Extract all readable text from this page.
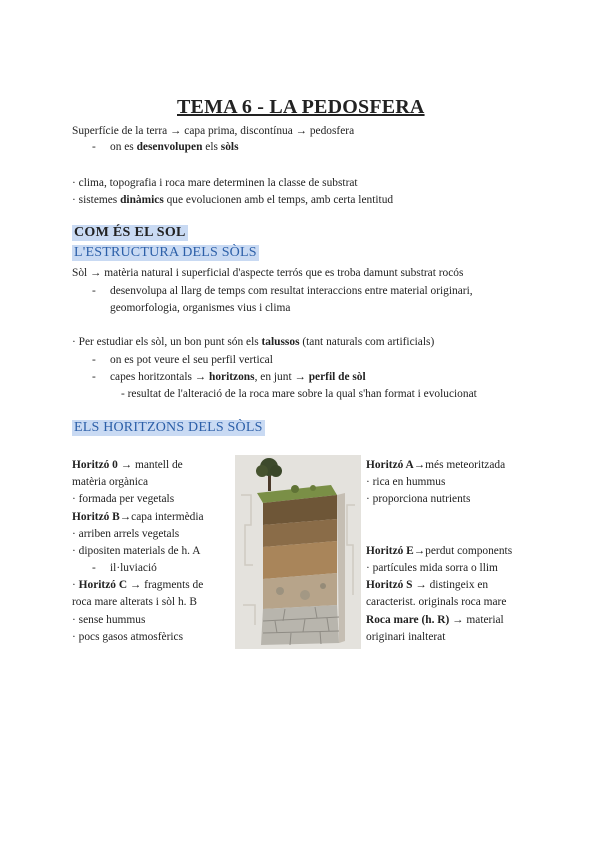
TEMA 6 - LA PEDOSFERA
Superfície de la terra → capa prima, discontínua → pedosfera
- on es desenvolupen els sòls
· clima, topografia i roca mare determinen la classe de substrat
· sistemes dinàmics que evolucionen amb el temps, amb certa lentitud
COM ÉS EL SOL
L'ESTRUCTURA DELS SÒLS
Sòl → matèria natural i superficial d'aspecte terrós que es troba damunt substrat rocós
- desenvolupa al llarg de temps com resultat interaccions entre material originari,
geomorfologia, organismes vius i clima
· Per estudiar els sòl, un bon punt són els talussos (tant naturals com artificials)
- on es pot veure el seu perfil vertical
- capes horitzontals → horitzons, en junt → perfil de sòl
- resultat de l'alteració de la roca mare sobre la qual s'han format i evolucionat
ELS HORITZONS DELS SÒLS
Horitzó 0 → mantell de
matèria orgànica
· formada per vegetals
Horitzó B→capa intermèdia
· arriben arrels vegetals
· dipositen materials de h. A
- il·luviació
· Horitzó C → fragments de
roca mare alterats i sòl h. B
· sense hummus
· pocs gasos atmosfèrics
Horitzó A→més meteoritzada
· rica en hummus
· proporciona nutrients
Horitzó E→perdut components
· partícules mida sorra o llim
Horitzó S → distingeix en
caracterist. originals roca mare
Roca mare (h. R) → material
originari inalterat
